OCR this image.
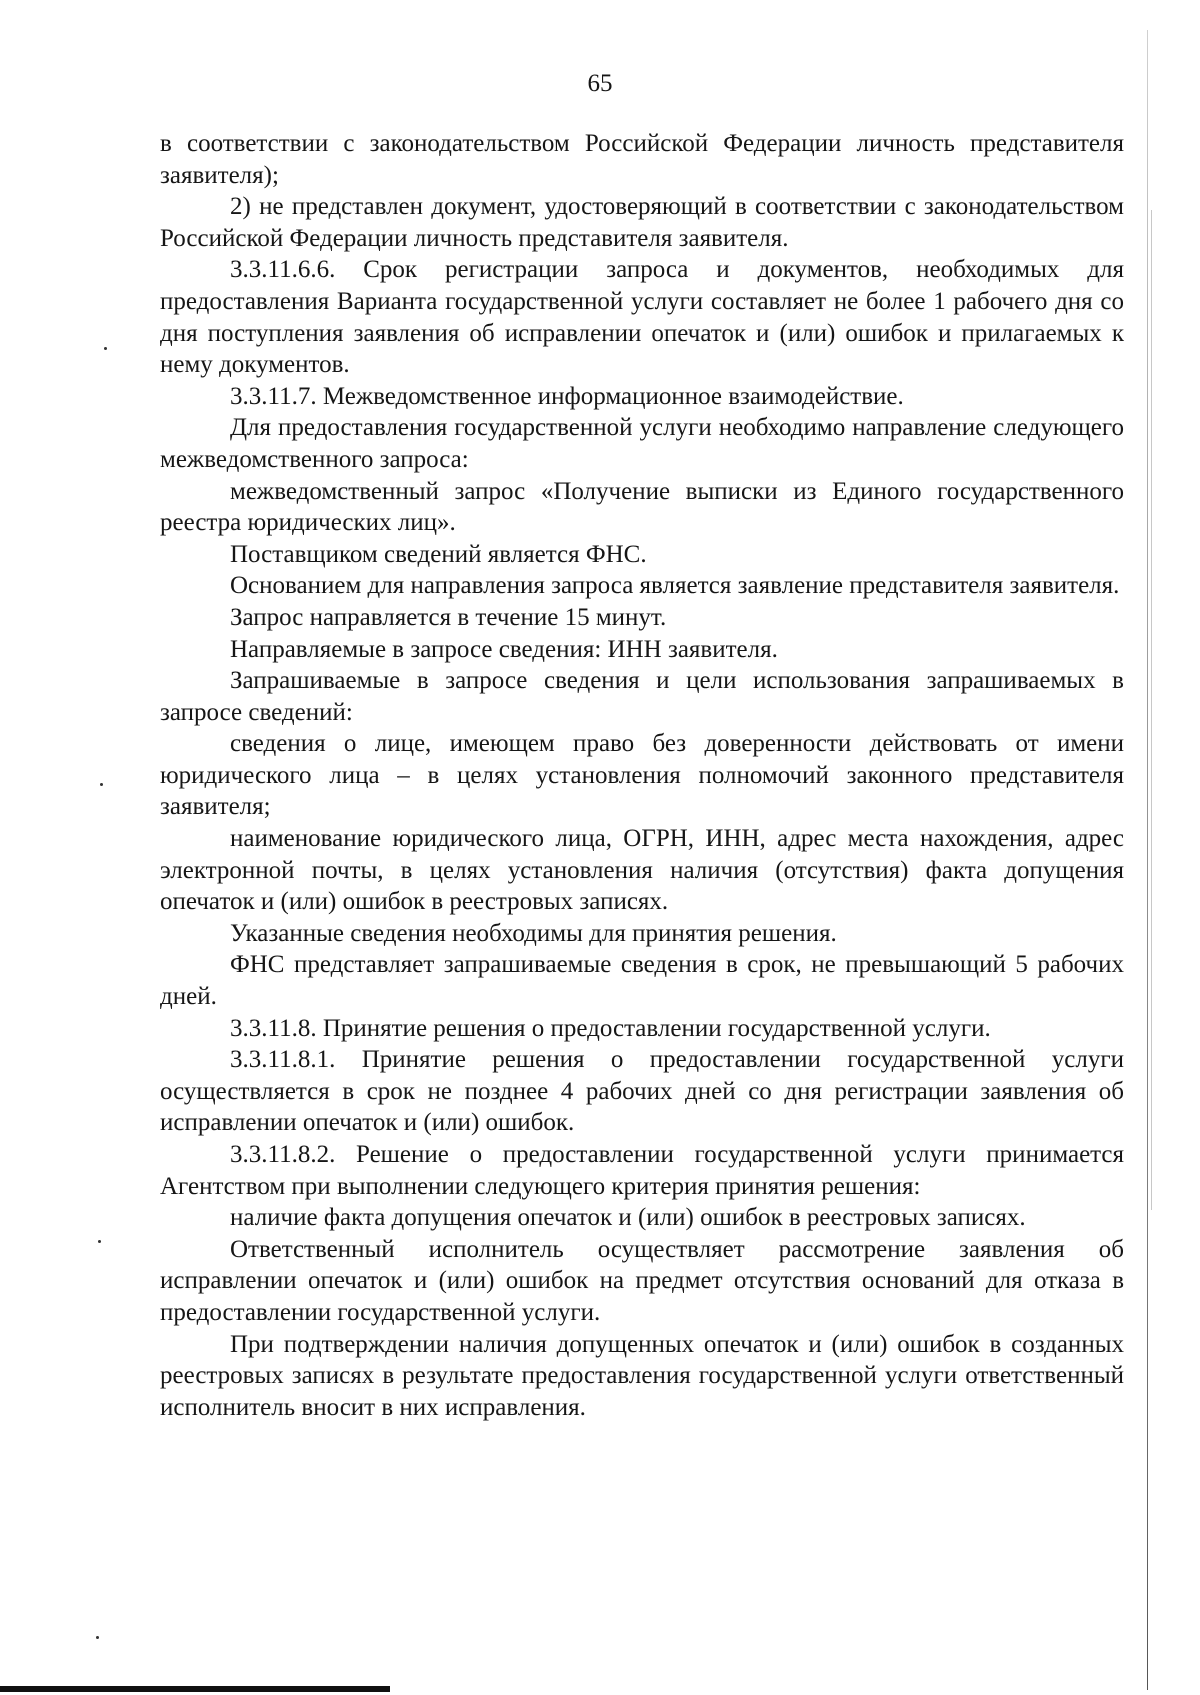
65

в соответствии с законодательством Российской Федерации личность представителя заявителя);

2) не представлен документ, удостоверяющий в соответствии с законодательством Российской Федерации личность представителя заявителя.

3.3.11.6.6. Срок регистрации запроса и документов, необходимых для предоставления Варианта государственной услуги составляет не более 1 рабочего дня со дня поступления заявления об исправлении опечаток и (или) ошибок и прилагаемых к нему документов.

3.3.11.7. Межведомственное информационное взаимодействие.

Для предоставления государственной услуги необходимо направление следующего межведомственного запроса:

межведомственный запрос «Получение выписки из Единого государственного реестра юридических лиц».

Поставщиком сведений является ФНС.

Основанием для направления запроса является заявление представителя заявителя.

Запрос направляется в течение 15 минут.

Направляемые в запросе сведения: ИНН заявителя.

Запрашиваемые в запросе сведения и цели использования запрашиваемых в запросе сведений:

сведения о лице, имеющем право без доверенности действовать от имени юридического лица – в целях установления полномочий законного представителя заявителя;

наименование юридического лица, ОГРН, ИНН, адрес места нахождения, адрес электронной почты, в целях установления наличия (отсутствия) факта допущения опечаток и (или) ошибок в реестровых записях.

Указанные сведения необходимы для принятия решения.

ФНС представляет запрашиваемые сведения в срок, не превышающий 5 рабочих дней.

3.3.11.8. Принятие решения о предоставлении государственной услуги.

3.3.11.8.1. Принятие решения о предоставлении государственной услуги осуществляется в срок не позднее 4 рабочих дней со дня регистрации заявления об исправлении опечаток и (или) ошибок.

3.3.11.8.2. Решение о предоставлении государственной услуги принимается Агентством при выполнении следующего критерия принятия решения:

наличие факта допущения опечаток и (или) ошибок в реестровых записях.

Ответственный исполнитель осуществляет рассмотрение заявления об исправлении опечаток и (или) ошибок на предмет отсутствия оснований для отказа в предоставлении государственной услуги.

При подтверждении наличия допущенных опечаток и (или) ошибок в созданных реестровых записях в результате предоставления государственной услуги ответственный исполнитель вносит в них исправления.
